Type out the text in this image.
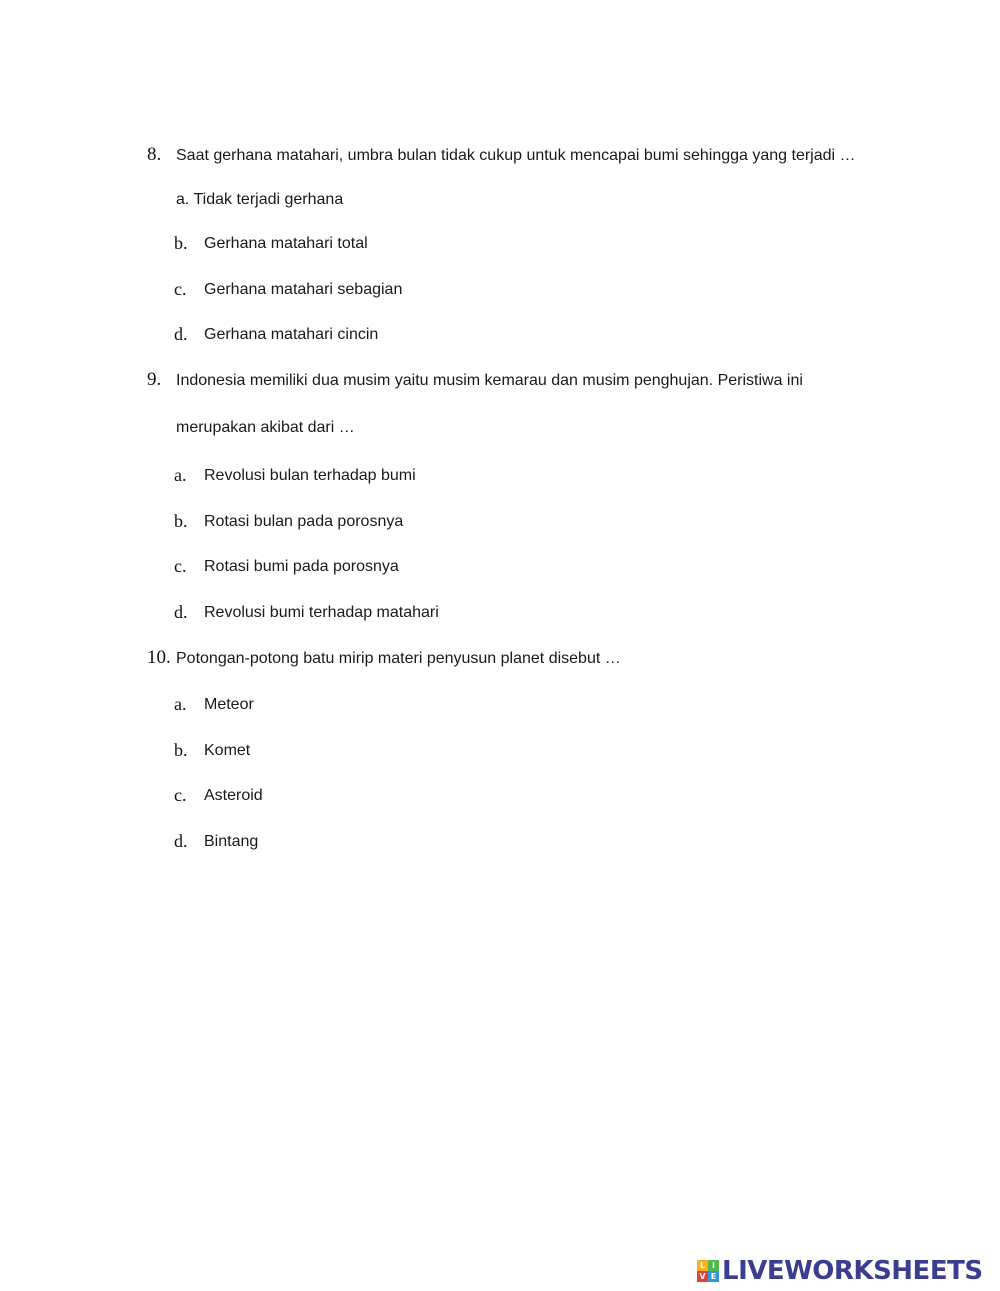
8. Saat gerhana matahari, umbra bulan tidak cukup untuk mencapai bumi sehingga yang terjadi …
a. Tidak terjadi gerhana
b. Gerhana matahari total
c. Gerhana matahari sebagian
d. Gerhana matahari cincin
9. Indonesia memiliki dua musim yaitu musim kemarau dan musim penghujan. Peristiwa ini
merupakan akibat dari …
a. Revolusi bulan terhadap bumi
b. Rotasi bulan pada porosnya
c. Rotasi bumi pada porosnya
d. Revolusi bumi terhadap matahari
10. Potongan-potong batu mirip materi penyusun planet disebut …
a. Meteor
b. Komet
c. Asteroid
d. Bintang
L I
V E LIVEWORKSHEETS
